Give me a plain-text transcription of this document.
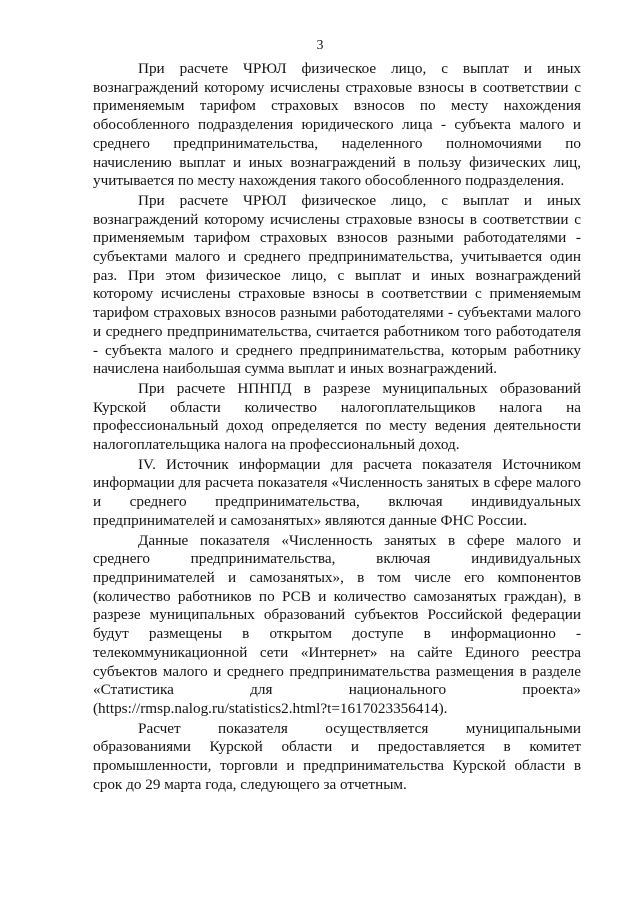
3

При расчете ЧРЮЛ физическое лицо, с выплат и иных вознаграждений которому исчислены страховые взносы в соответствии с применяемым тарифом страховых взносов по месту нахождения обособленного подразделения юридического лица - субъекта малого и среднего предпринимательства, наделенного полномочиями по начислению выплат и иных вознаграждений в пользу физических лиц, учитывается по месту нахождения такого обособленного подразделения.

При расчете ЧРЮЛ физическое лицо, с выплат и иных вознаграждений которому исчислены страховые взносы в соответствии с применяемым тарифом страховых взносов разными работодателями - субъектами малого и среднего предпринимательства, учитывается один раз. При этом физическое лицо, с выплат и иных вознаграждений которому исчислены страховые взносы в соответствии с применяемым тарифом страховых взносов разными работодателями - субъектами малого и среднего предпринимательства, считается работником того работодателя - субъекта малого и среднего предпринимательства, которым работнику начислена наибольшая сумма выплат и иных вознаграждений.

При расчете НПНПД в разрезе муниципальных образований Курской области количество налогоплательщиков налога на профессиональный доход определяется по месту ведения деятельности налогоплательщика налога на профессиональный доход.

IV. Источник информации для расчета показателя Источником информации для расчета показателя «Численность занятых в сфере малого и среднего предпринимательства, включая индивидуальных предпринимателей и самозанятых» являются данные ФНС России.

Данные показателя «Численность занятых в сфере малого и среднего предпринимательства, включая индивидуальных предпринимателей и самозанятых», в том числе его компонентов (количество работников по РСВ и количество самозанятых граждан), в разрезе муниципальных образований субъектов Российской федерации будут размещены в открытом доступе в информационно - телекоммуникационной сети «Интернет» на сайте Единого реестра субъектов малого и среднего предпринимательства размещения в разделе «Статистика для национального проекта» (https://rmsp.nalog.ru/statistics2.html?t=1617023356414).

Расчет показателя осуществляется муниципальными образованиями Курской области и предоставляется в комитет промышленности, торговли и предпринимательства Курской области в срок до 29 марта года, следующего за отчетным.
